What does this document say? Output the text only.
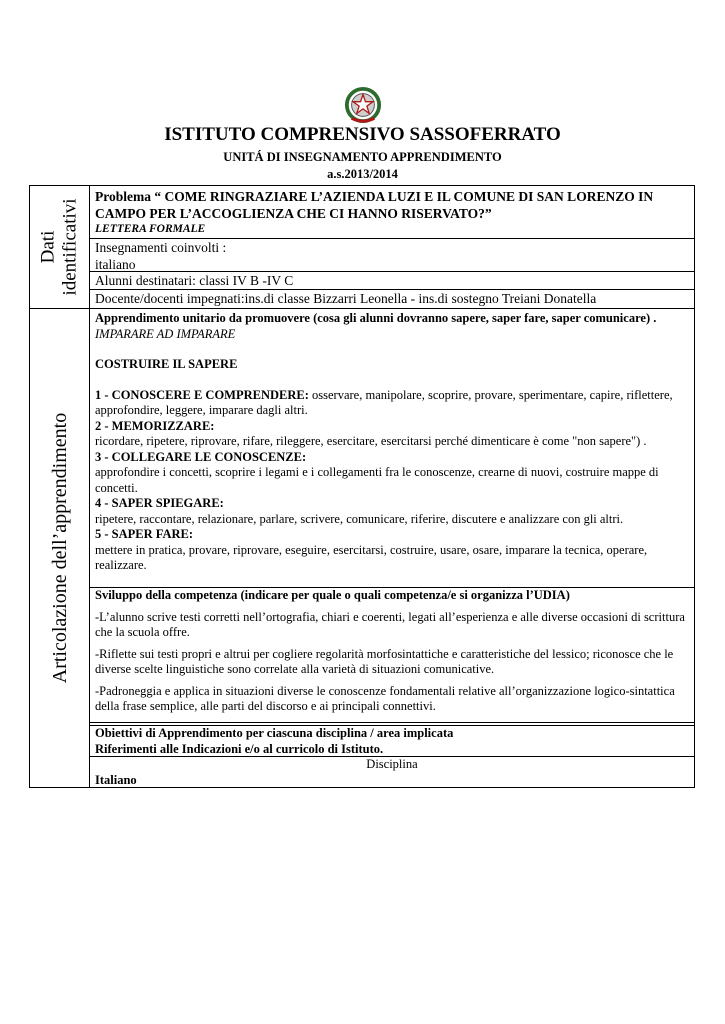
ISTITUTO COMPRENSIVO SASSOFERRATO
UNITÁ DI INSEGNAMENTO APPRENDIMENTO
a.s.2013/2014
Dati identificativi

Problema “ COME RINGRAZIARE L’AZIENDA LUZI E IL COMUNE DI SAN LORENZO IN CAMPO PER L’ACCOGLIENZA CHE CI HANNO RISERVATO?”

LETTERA FORMALE

Insegnamenti coinvolti :

italiano

Alunni destinatari: classi IV B -IV C

Docente/docenti impegnati:ins.di classe Bizzarri Leonella - ins.di sostegno Treiani Donatella

Articolazione dell’apprendimento

Apprendimento unitario da promuovere (cosa gli alunni dovranno sapere, saper fare, saper comunicare) .

IMPARARE AD IMPARARE

COSTRUIRE IL SAPERE

1 - CONOSCERE E COMPRENDERE: osservare, manipolare, scoprire, provare, sperimentare, capire, riflettere, approfondire, leggere, imparare dagli altri.

2 - MEMORIZZARE:

ricordare, ripetere, riprovare, rifare, rileggere, esercitare, esercitarsi perché dimenticare è come "non sapere") .

3 - COLLEGARE LE CONOSCENZE:

approfondire i concetti, scoprire i legami e i collegamenti fra le conoscenze, crearne di nuovi, costruire mappe di concetti.

4 - SAPER SPIEGARE:

ripetere, raccontare, relazionare, parlare, scrivere, comunicare, riferire, discutere e analizzare con gli altri.

5 - SAPER FARE:

mettere in pratica, provare, riprovare, eseguire, esercitarsi, costruire, usare, osare, imparare la tecnica, operare, realizzare.

Sviluppo della competenza (indicare per quale o quali competenza/e si organizza l’UDIA)

-L’alunno scrive testi corretti nell’ortografia, chiari e coerenti, legati all’esperienza e alle diverse occasioni di scrittura che la scuola offre.

-Riflette sui testi propri e altrui per cogliere regolarità morfosintattiche e caratteristiche del lessico; riconosce che le diverse scelte linguistiche sono correlate alla varietà di situazioni comunicative.

-Padroneggia e applica in situazioni diverse le conoscenze fondamentali relative all’organizzazione logico-sintattica della frase semplice, alle parti del discorso e ai principali connettivi.

Obiettivi di Apprendimento per ciascuna disciplina / area implicata

Riferimenti alle Indicazioni e/o al curricolo di Istituto.

Disciplina

Italiano
